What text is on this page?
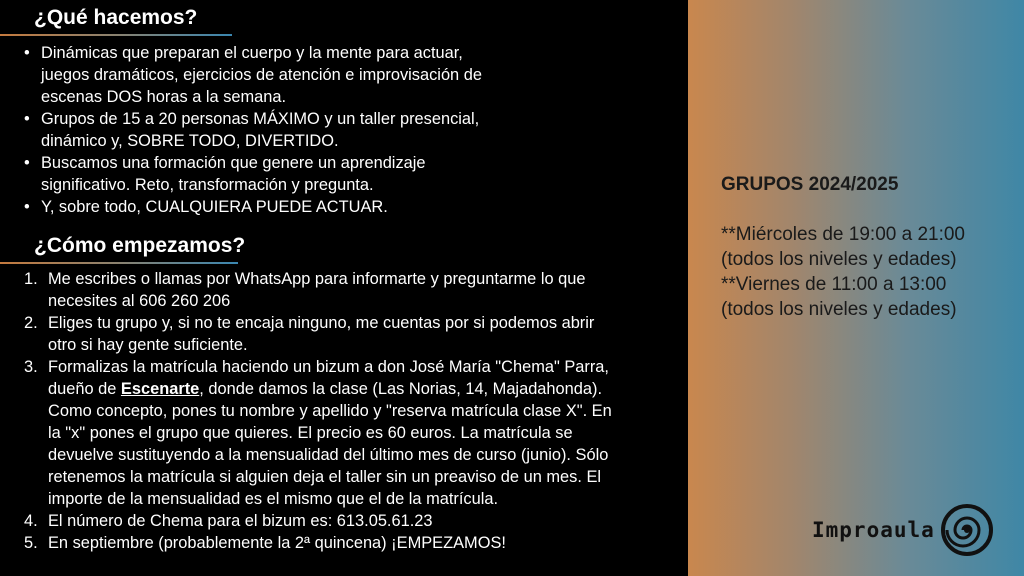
¿Qué hacemos?
• Dinámicas que preparan el cuerpo y la mente para actuar,
juegos dramáticos, ejercicios de atención e improvisación de
escenas DOS horas a la semana.
• Grupos de 15 a 20 personas MÁXIMO y un taller presencial,
dinámico y, SOBRE TODO, DIVERTIDO.
• Buscamos una formación que genere un aprendizaje
significativo. Reto, transformación y pregunta.
• Y, sobre todo, CUALQUIERA PUEDE ACTUAR.
¿Cómo empezamos?
1. Me escribes o llamas por WhatsApp para informarte y preguntarme lo que
necesites al 606 260 206
2. Eliges tu grupo y, si no te encaja ninguno, me cuentas por si podemos abrir
otro si hay gente suficiente.
3. Formalizas la matrícula haciendo un bizum a don José María "Chema" Parra,
dueño de Escenarte, donde damos la clase (Las Norias, 14, Majadahonda).
Como concepto, pones tu nombre y apellido y "reserva matrícula clase X". En
la "x" pones el grupo que quieres. El precio es 60 euros. La matrícula se
devuelve sustituyendo a la mensualidad del último mes de curso (junio). Sólo
retenemos la matrícula si alguien deja el taller sin un preaviso de un mes. El
importe de la mensualidad es el mismo que el de la matrícula.
4. El número de Chema para el bizum es: 613.05.61.23
5. En septiembre (probablemente la 2ª quincena) ¡EMPEZAMOS!
GRUPOS 2024/2025
**Miércoles de 19:00 a 21:00
(todos los niveles y edades)
**Viernes de 11:00 a 13:00
(todos los niveles y edades)
Improaula
